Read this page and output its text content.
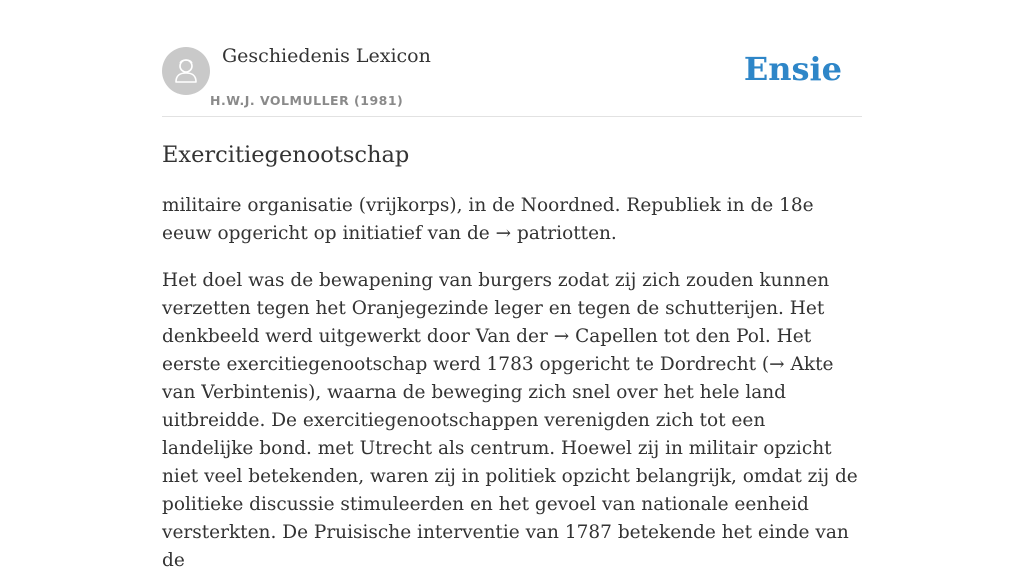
Geschiedenis Lexicon
H.W.J. VOLMULLER (1981)
Ensie
Exercitiegenootschap

militaire organisatie (vrijkorps), in de Noordned. Republiek in de 18e eeuw opgericht op initiatief van de → patriotten.

Het doel was de bewapening van burgers zodat zij zich zouden kunnen verzetten tegen het Oranjegezinde leger en tegen de schutterijen. Het denkbeeld werd uitgewerkt door Van der → Capellen tot den Pol. Het eerste exercitiegenootschap werd 1783 opgericht te Dordrecht (→ Akte van Verbintenis), waarna de beweging zich snel over het hele land uitbreidde. De exercitiegenootschappen verenigden zich tot een landelijke bond. met Utrecht als centrum. Hoewel zij in militair opzicht niet veel betekenden, waren zij in politiek opzicht belangrijk, omdat zij de politieke discussie stimuleerden en het gevoel van nationale eenheid versterkten. De Pruisische interventie van 1787 betekende het einde van de
